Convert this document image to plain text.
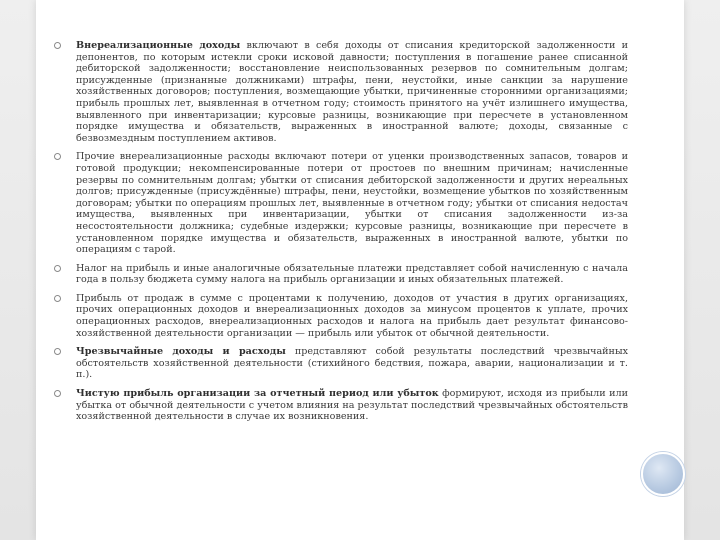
Внереализационные доходы включают в себя доходы от списания кредиторской задолженности и депонентов, по которым истекли сроки исковой давности; поступления в погашение ранее списанной дебиторской задолженности; восстановление неиспользованных резервов по сомнительным долгам; присужденные (признанные должниками) штрафы, пени, неустойки, иные санкции за нарушение хозяйственных договоров; поступления, возмещающие убытки, причиненные сторонними организациями; прибыль прошлых лет, выявленная в отчетном году; стоимость принятого на учёт излишнего имущества, выявленного при инвентаризации; курсовые разницы, возникающие при пересчете в установленном порядке имущества и обязательств, выраженных в иностранной валюте; доходы, связанные с безвозмездным поступлением активов.
Прочие внереализационные расходы включают потери от уценки производственных запасов, товаров и готовой продукции; некомпенсированные потери от простоев по внешним причинам; начисленные резервы по сомнительным долгам; убытки от списания дебиторской задолженности и других нереальных долгов; присужденные (присуждённые) штрафы, пени, неустойки, возмещение убытков по хозяйственным договорам; убытки по операциям прошлых лет, выявленные в отчетном году; убытки от списания недостач имущества, выявленных при инвентаризации, убытки от списания задолженности из-за несостоятельности должника; судебные издержки; курсовые разницы, возникающие при пересчете в установленном порядке имущества и обязательств, выраженных в иностранной валюте, убытки по операциям с тарой.
Налог на прибыль и иные аналогичные обязательные платежи представляет собой начисленную с начала года в пользу бюджета сумму налога на прибыль организации и иных обязательных платежей.
Прибыль от продаж в сумме с процентами к получению, доходов от участия в других организациях, прочих операционных доходов и внереализационных доходов за минусом процентов к уплате, прочих операционных расходов, внереализационных расходов и налога на прибыль дает результат финансово-хозяйственной деятельности организации — прибыль или убыток от обычной деятельности.
Чрезвычайные доходы и расходы представляют собой результаты последствий чрезвычайных обстоятельств хозяйственной деятельности (стихийного бедствия, пожара, аварии, национализации и т. п.).
Чистую прибыль организации за отчетный период или убыток формируют, исходя из прибыли или убытка от обычной деятельности с учетом влияния на результат последствий чрезвычайных обстоятельств хозяйственной деятельности в случае их возникновения.
